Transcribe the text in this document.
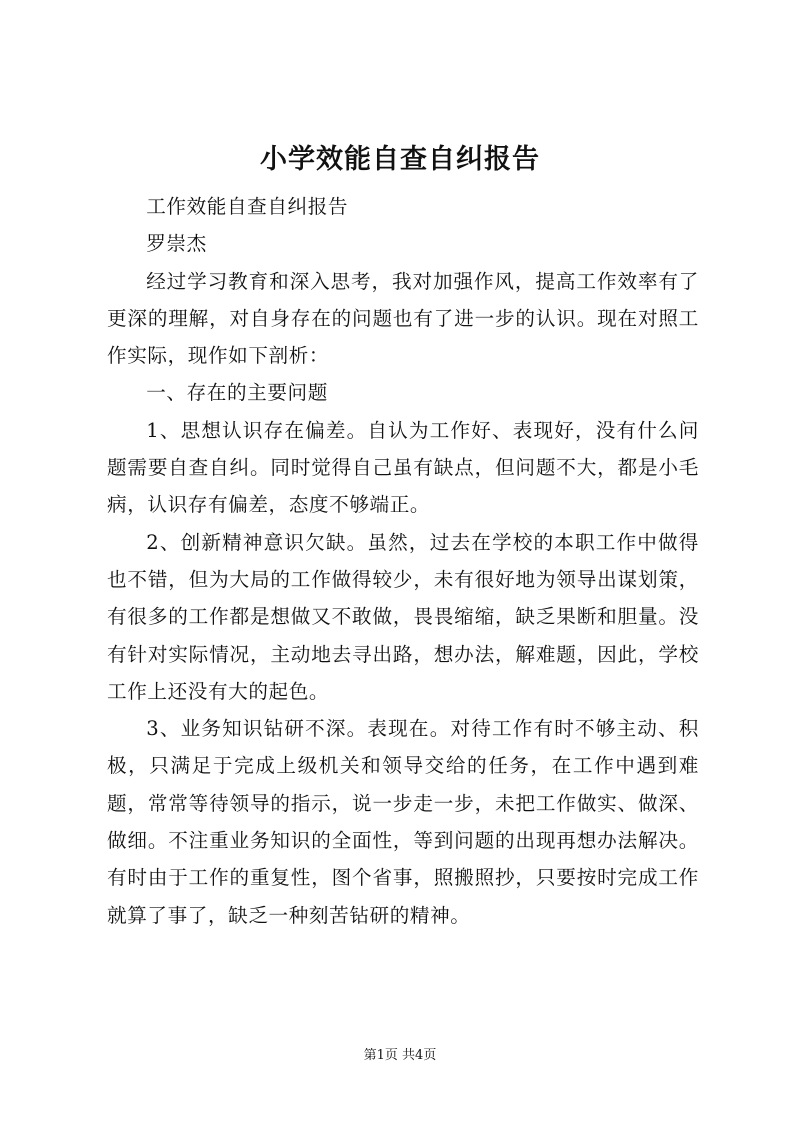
小学效能自查自纠报告

工作效能自查自纠报告

罗崇杰

经过学习教育和深入思考，我对加强作风，提高工作效率有了更深的理解，对自身存在的问题也有了进一步的认识。现在对照工作实际，现作如下剖析：

一、存在的主要问题

1、思想认识存在偏差。自认为工作好、表现好，没有什么问题需要自查自纠。同时觉得自己虽有缺点，但问题不大，都是小毛病，认识存有偏差，态度不够端正。

2、创新精神意识欠缺。虽然，过去在学校的本职工作中做得也不错，但为大局的工作做得较少，未有很好地为领导出谋划策，有很多的工作都是想做又不敢做，畏畏缩缩，缺乏果断和胆量。没有针对实际情况，主动地去寻出路，想办法，解难题，因此，学校工作上还没有大的起色。

3、业务知识钻研不深。表现在。对待工作有时不够主动、积极，只满足于完成上级机关和领导交给的任务，在工作中遇到难题，常常等待领导的指示，说一步走一步，未把工作做实、做深、做细。不注重业务知识的全面性，等到问题的出现再想办法解决。有时由于工作的重复性，图个省事，照搬照抄，只要按时完成工作就算了事了，缺乏一种刻苦钻研的精神。

第1页 共4页
